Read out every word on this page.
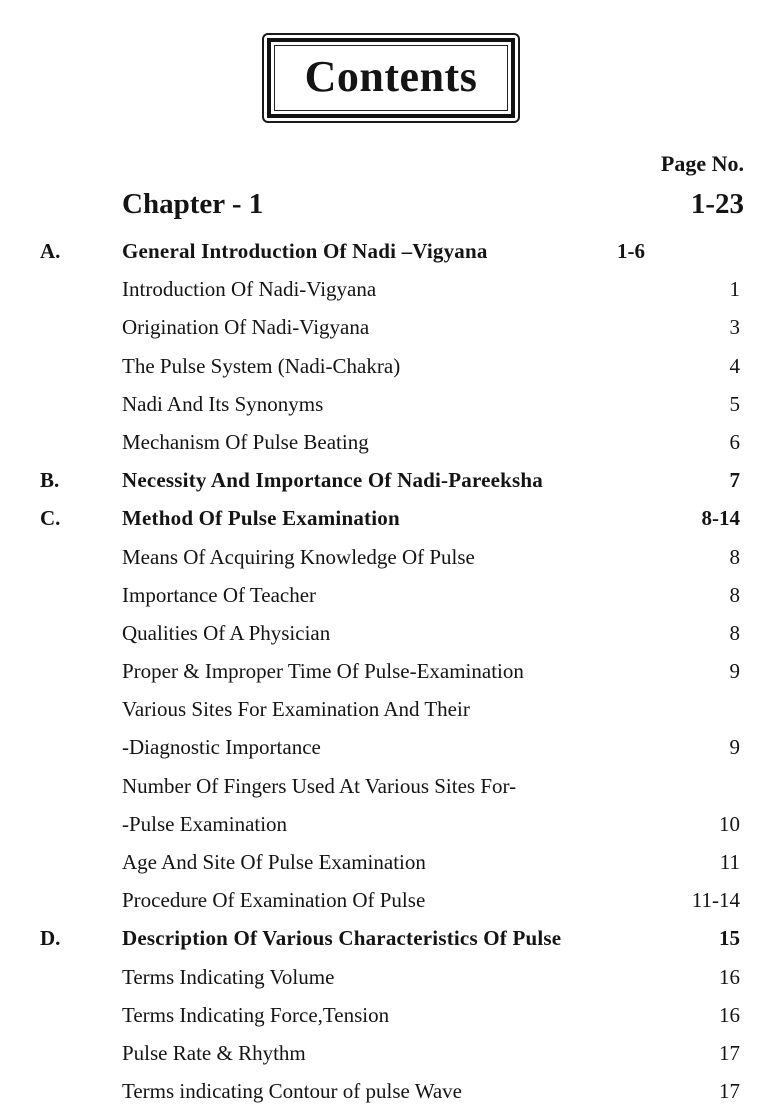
Contents
Page No.
Chapter - 1	1-23
A.	General Introduction Of Nadi –Vigyana	1-6
Introduction Of Nadi-Vigyana	1
Origination Of Nadi-Vigyana	3
The Pulse System (Nadi-Chakra)	4
Nadi And Its Synonyms	5
Mechanism Of Pulse Beating	6
B.	Necessity And Importance Of Nadi-Pareeksha	7
C.	Method Of Pulse Examination	8-14
Means Of Acquiring Knowledge Of Pulse	8
Importance Of Teacher	8
Qualities Of A Physician	8
Proper & Improper Time Of Pulse-Examination	9
Various Sites For Examination And Their
-Diagnostic Importance	9
Number Of Fingers Used At Various Sites For-
-Pulse Examination	10
Age And Site Of Pulse Examination	11
Procedure Of Examination Of Pulse	11-14
D.	Description Of Various Characteristics Of Pulse	15
Terms Indicating Volume	16
Terms Indicating Force,Tension	16
Pulse Rate & Rhythm	17
Terms indicating Contour of pulse Wave	17
